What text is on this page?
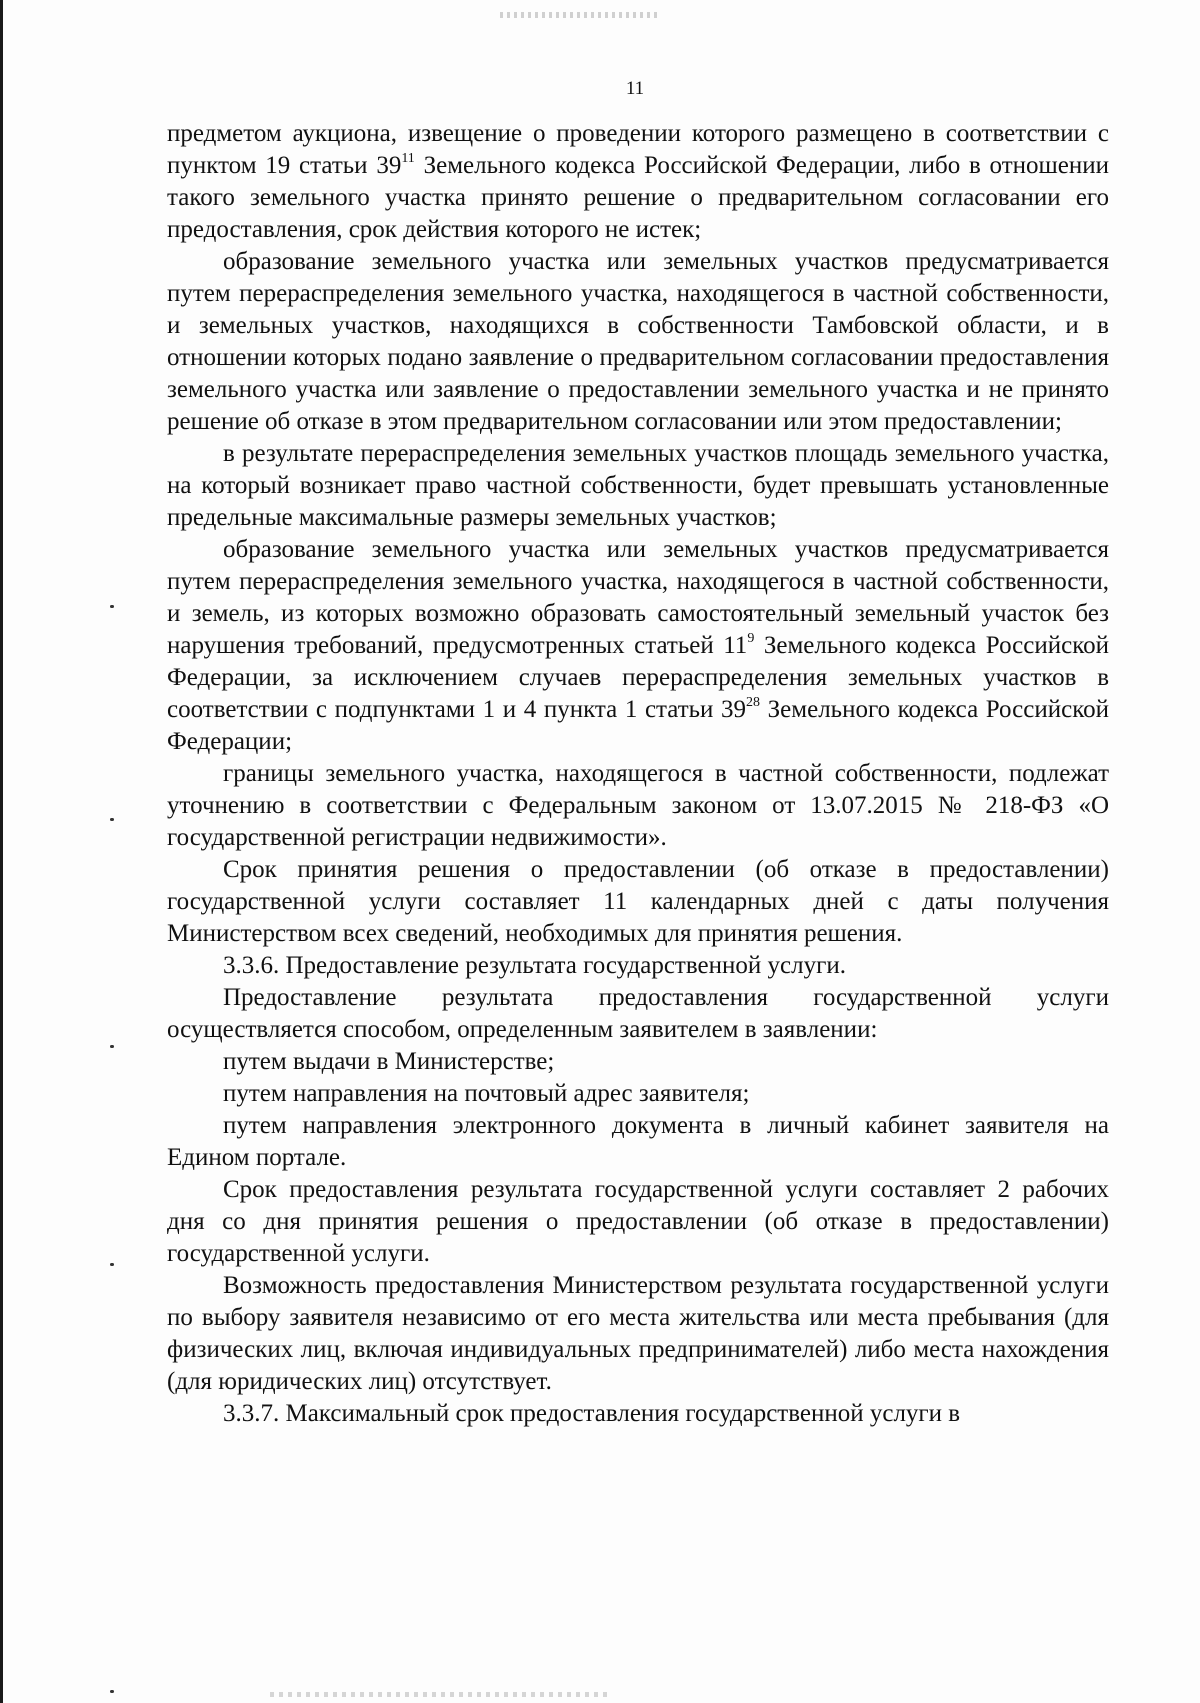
11

предметом аукциона, извещение о проведении которого размещено в соответствии с пунктом 19 статьи $39^{11}$ Земельного кодекса Российской Федерации, либо в отношении такого земельного участка принято решение о предварительном согласовании его предоставления, срок действия которого не истек;

образование земельного участка или земельных участков предусматривается путем перераспределения земельного участка, находящегося в частной собственности, и земельных участков, находящихся в собственности Тамбовской области, и в отношении которых подано заявление о предварительном согласовании предоставления земельного участка или заявление о предоставлении земельного участка и не принято решение об отказе в этом предварительном согласовании или этом предоставлении;

в результате перераспределения земельных участков площадь земельного участка, на который возникает право частной собственности, будет превышать установленные предельные максимальные размеры земельных участков;

образование земельного участка или земельных участков предусматривается путем перераспределения земельного участка, находящегося в частной собственности, и земель, из которых возможно образовать самостоятельный земельный участок без нарушения требований, предусмотренных статьей $11^9$ Земельного кодекса Российской Федерации, за исключением случаев перераспределения земельных участков в соответствии с подпунктами 1 и 4 пункта 1 статьи $39^{28}$ Земельного кодекса Российской Федерации;

границы земельного участка, находящегося в частной собственности, подлежат уточнению в соответствии с Федеральным законом от 13.07.2015 № 218-ФЗ «О государственной регистрации недвижимости».

Срок принятия решения о предоставлении (об отказе в предоставлении) государственной услуги составляет 11 календарных дней с даты получения Министерством всех сведений, необходимых для принятия решения.

3.3.6. Предоставление результата государственной услуги.

Предоставление результата предоставления государственной услуги осуществляется способом, определенным заявителем в заявлении:

путем выдачи в Министерстве;

путем направления на почтовый адрес заявителя;

путем направления электронного документа в личный кабинет заявителя на Едином портале.

Срок предоставления результата государственной услуги составляет 2 рабочих дня со дня принятия решения о предоставлении (об отказе в предоставлении) государственной услуги.

Возможность предоставления Министерством результата государственной услуги по выбору заявителя независимо от его места жительства или места пребывания (для физических лиц, включая индивидуальных предпринимателей) либо места нахождения (для юридических лиц) отсутствует.

3.3.7. Максимальный срок предоставления государственной услуги в
